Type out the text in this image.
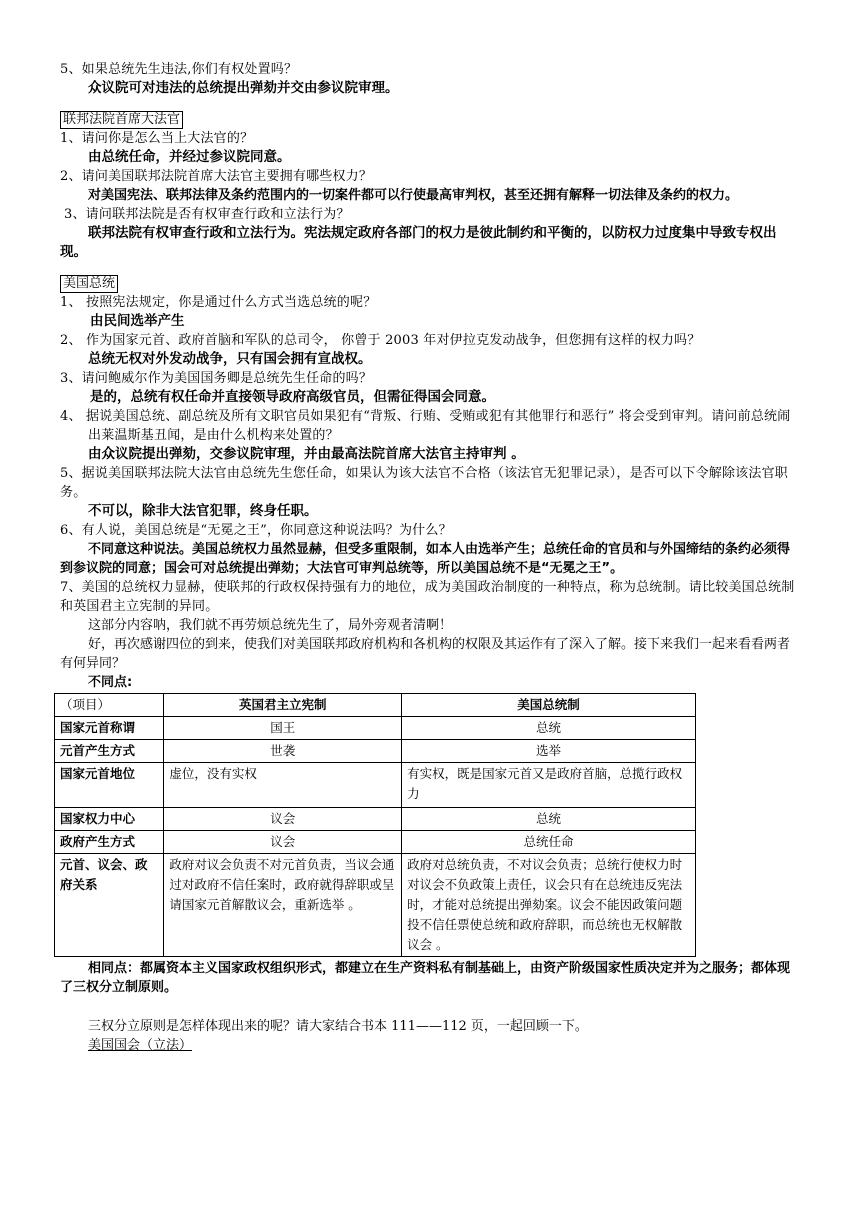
5、如果总统先生违法,你们有权处置吗？

众议院可对违法的总统提出弹劾并交由参议院审理。

联邦法院首席大法官

1、请问你是怎么当上大法官的？

由总统任命，并经过参议院同意。

2、请问美国联邦法院首席大法官主要拥有哪些权力？

对美国宪法、联邦法律及条约范围内的一切案件都可以行使最高审判权，甚至还拥有解释一切法律及条约的权力。

3、请问联邦法院是否有权审查行政和立法行为？

联邦法院有权审查行政和立法行为。宪法规定政府各部门的权力是彼此制约和平衡的，以防权力过度集中导致专权出现。

美国总统

1、 按照宪法规定，你是通过什么方式当选总统的呢？

由民间选举产生

2、 作为国家元首、政府首脑和军队的总司令， 你曾于 2003 年对伊拉克发动战争，但您拥有这样的权力吗？

总统无权对外发动战争，只有国会拥有宣战权。

3、请问鲍威尔作为美国国务卿是总统先生任命的吗？

是的，总统有权任命并直接领导政府高级官员，但需征得国会同意。

4、 据说美国总统、副总统及所有文职官员如果犯有“背叛、行贿、受贿或犯有其他罪行和恶行” 将会受到审判。请问前总统闹出莱温斯基丑闻，是由什么机构来处置的？

由众议院提出弹劾，交参议院审理，并由最高法院首席大法官主持审判 。

5、据说美国联邦法院大法官由总统先生您任命，如果认为该大法官不合格（该法官无犯罪记录），是否可以下令解除该法官职务。

不可以，除非大法官犯罪，终身任职。

6、有人说，美国总统是“无冕之王”，你同意这种说法吗？为什么？

不同意这种说法。美国总统权力虽然显赫，但受多重限制，如本人由选举产生；总统任命的官员和与外国缔结的条约必须得到参议院的同意；国会可对总统提出弹劾；大法官可审判总统等，所以美国总统不是“无冕之王”。

7、美国的总统权力显赫，使联邦的行政权保持强有力的地位，成为美国政治制度的一种特点，称为总统制。请比较美国总统制和英国君主立宪制的异同。

这部分内容呐，我们就不再劳烦总统先生了，局外旁观者清啊！

好，再次感谢四位的到来，使我们对美国联邦政府机构和各机构的权限及其运作有了深入了解。接下来我们一起来看看两者有何异同？

不同点:

（项目）	英国君主立宪制	美国总统制
国家元首称谓	国王	总统
元首产生方式	世袭	选举
国家元首地位	虚位，没有实权	有实权，既是国家元首又是政府首脑，总揽行政权力
国家权力中心	议会	总统
政府产生方式	议会	总统任命
元首、议会、政府关系	政府对议会负责不对元首负责，当议会通过对政府不信任案时，政府就得辞职或呈请国家元首解散议会，重新选举 。	政府对总统负责，不对议会负责；总统行使权力时对议会不负政策上责任，议会只有在总统违反宪法时，才能对总统提出弹劾案。议会不能因政策问题投不信任票使总统和政府辞职，而总统也无权解散议会 。

相同点：都属资本主义国家政权组织形式，都建立在生产资料私有制基础上，由资产阶级国家性质决定并为之服务；都体现了三权分立制原则。

三权分立原则是怎样体现出来的呢？请大家结合书本 111——112 页，一起回顾一下。

美国国会（立法）
